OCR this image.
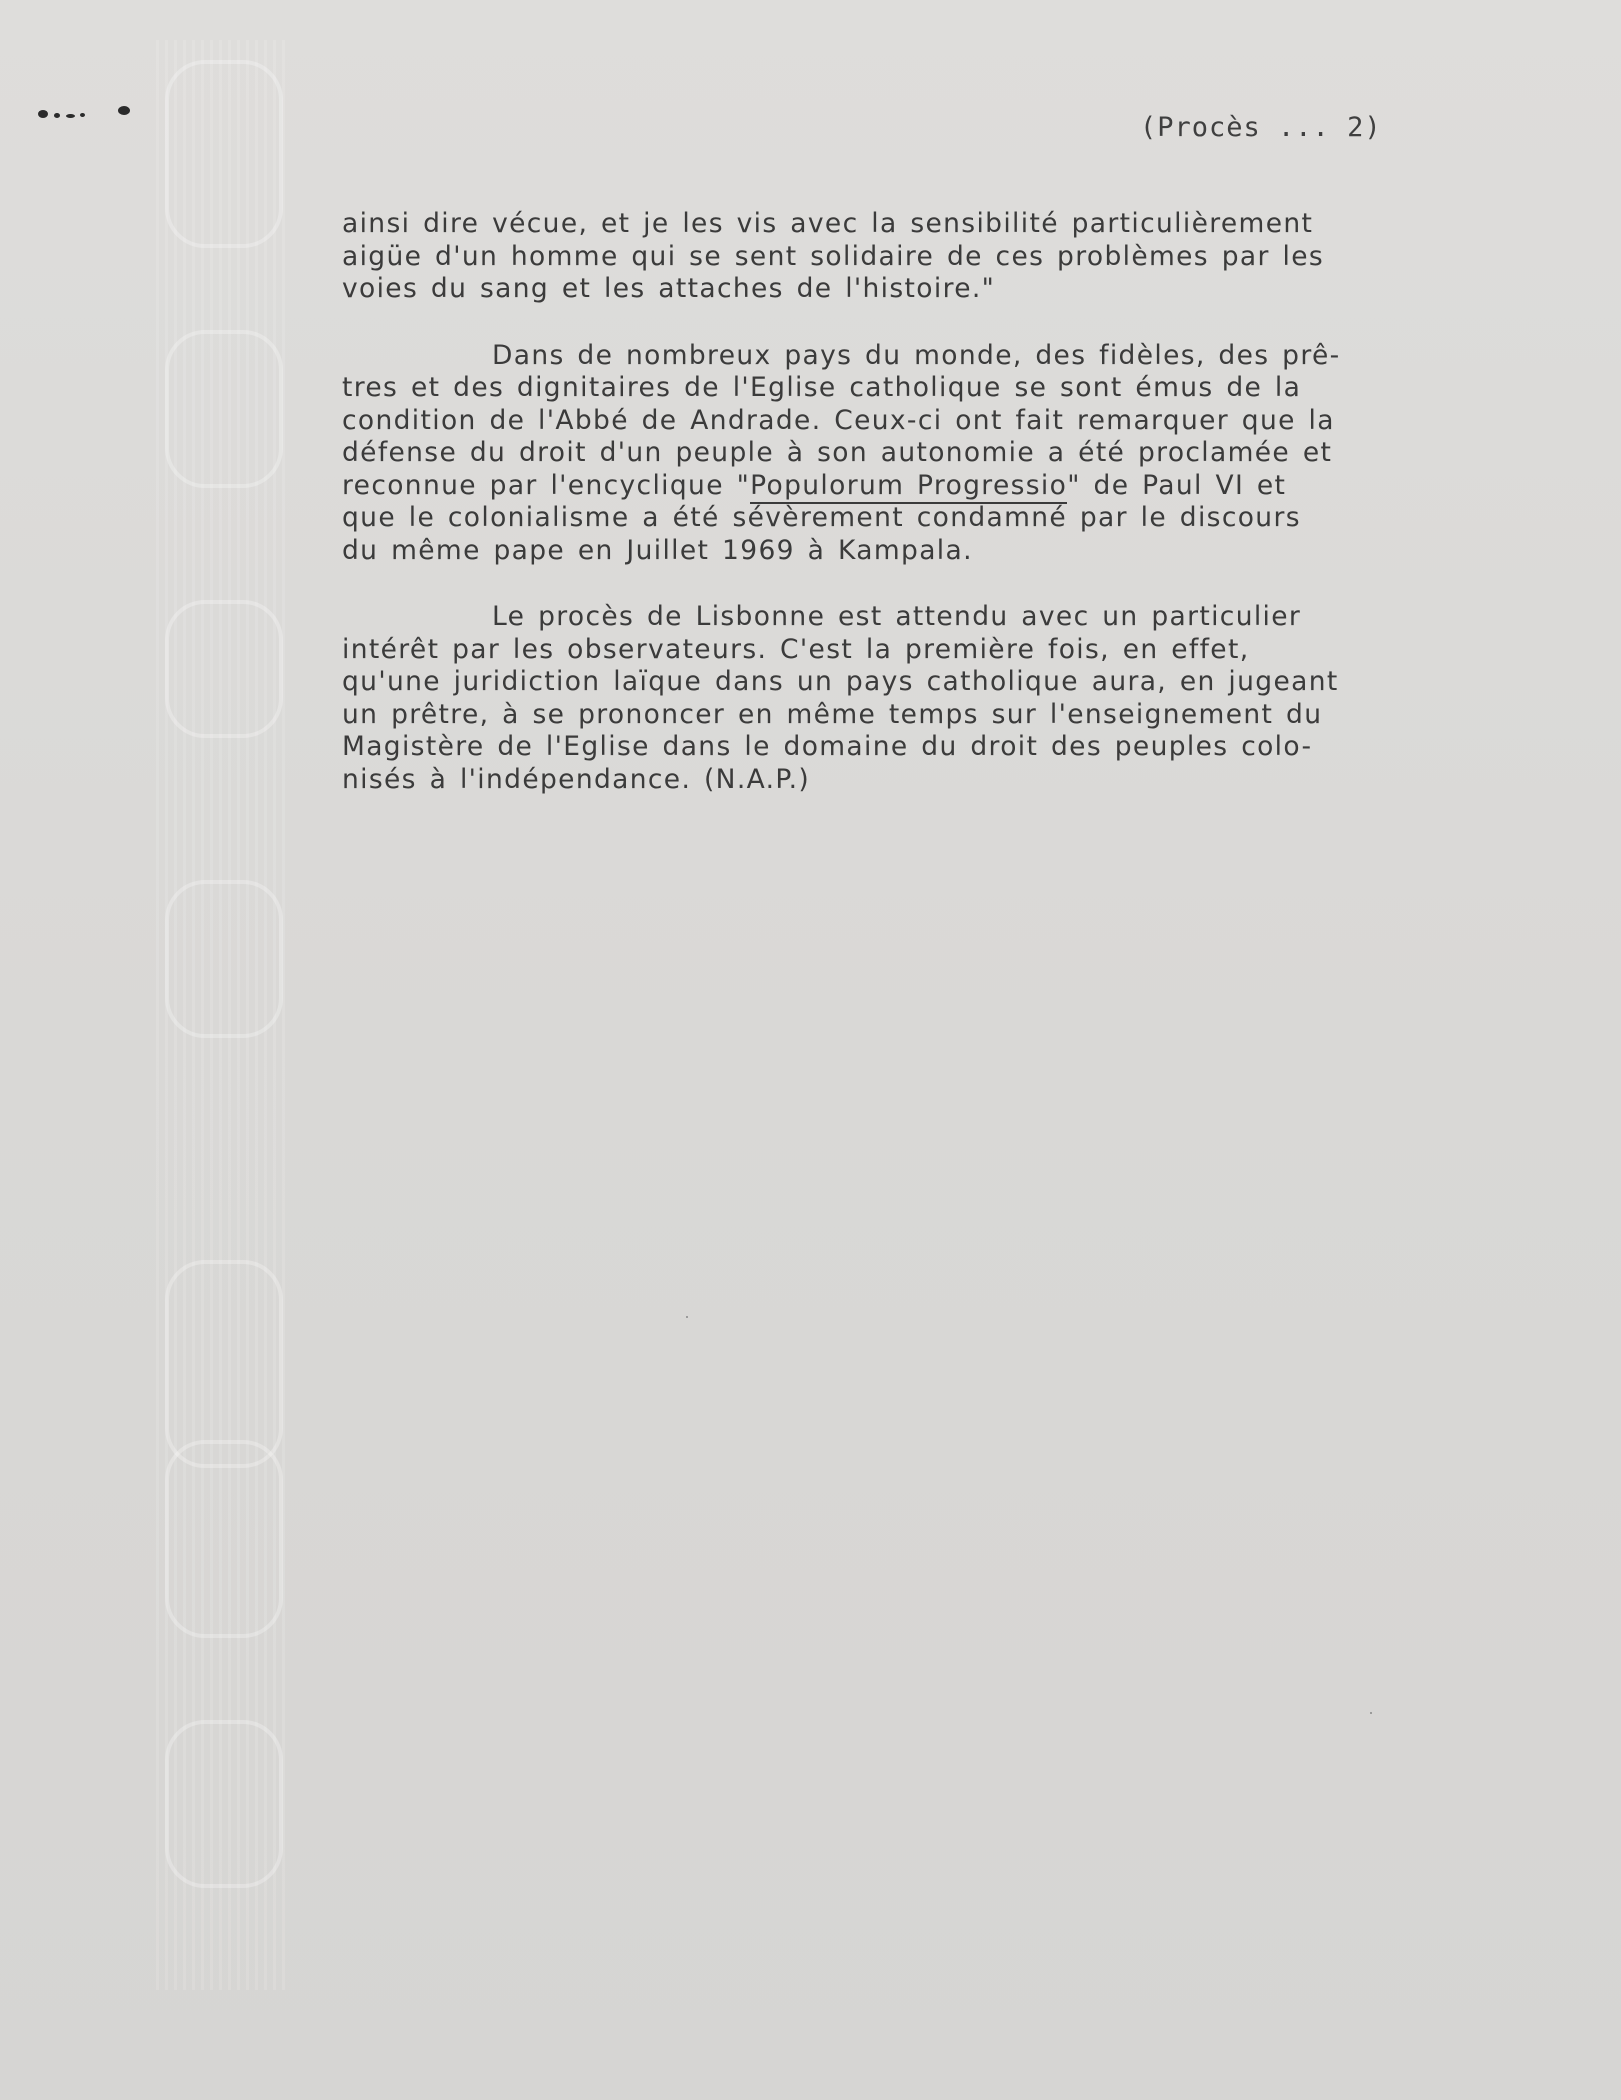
(Procès ... 2)

ainsi dire vécue, et je les vis avec la sensibilité particulièrement
aigüe d'un homme qui se sent solidaire de ces problèmes par les
voies du sang et les attaches de l'histoire."

Dans de nombreux pays du monde, des fidèles, des prê-
tres et des dignitaires de l'Eglise catholique se sont émus de la
condition de l'Abbé de Andrade. Ceux-ci ont fait remarquer que la
défense du droit d'un peuple à son autonomie a été proclamée et
reconnue par l'encyclique "Populorum Progressio" de Paul VI et
que le colonialisme a été sévèrement condamné par le discours
du même pape en Juillet 1969 à Kampala.

Le procès de Lisbonne est attendu avec un particulier
intérêt par les observateurs. C'est la première fois, en effet,
qu'une juridiction laïque dans un pays catholique aura, en jugeant
un prêtre, à se prononcer en même temps sur l'enseignement du
Magistère de l'Eglise dans le domaine du droit des peuples colo-
nisés à l'indépendance. (N.A.P.)
